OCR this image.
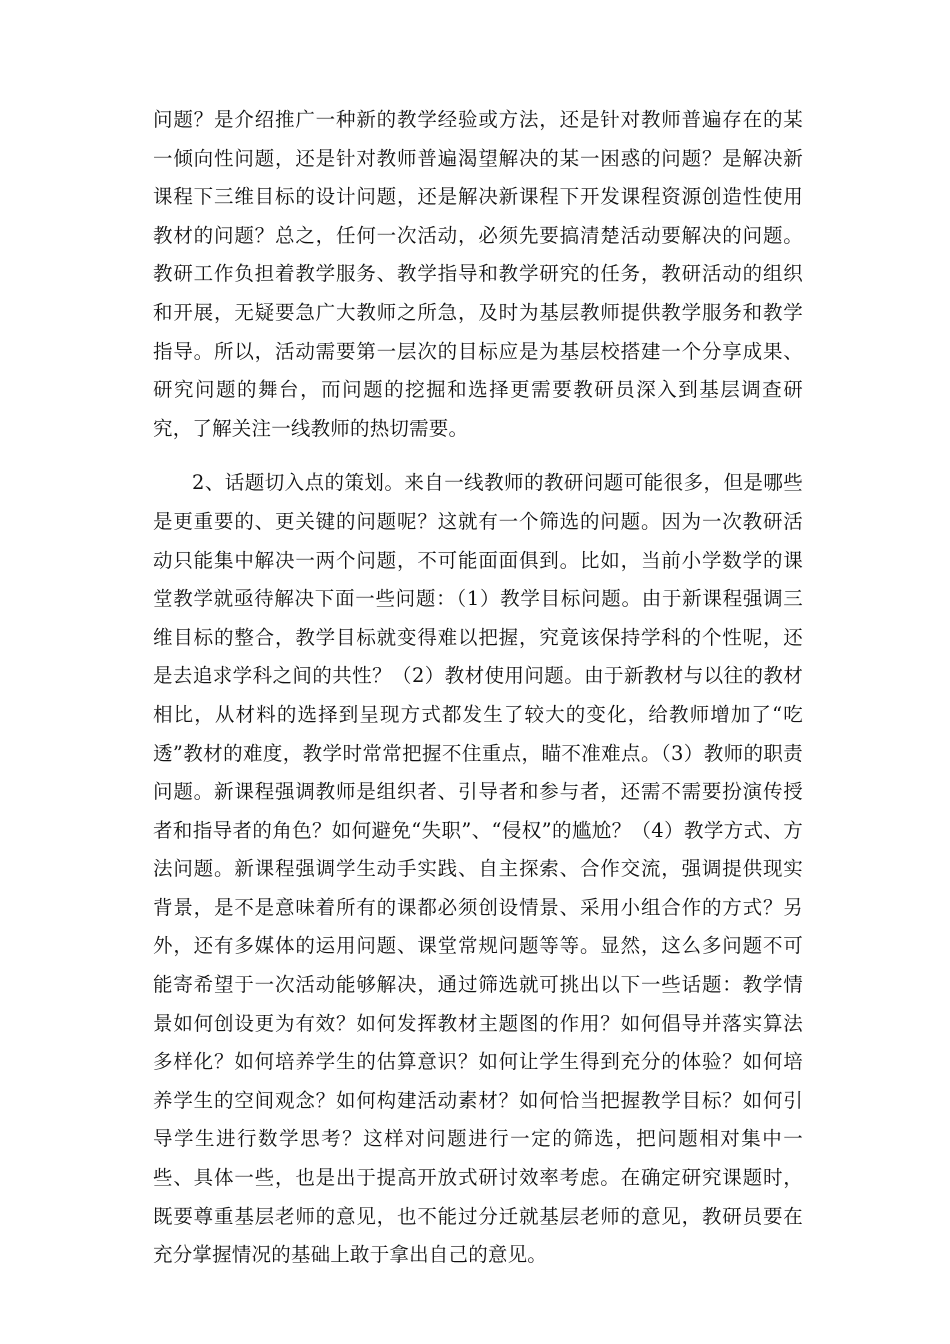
问题？是介绍推广一种新的教学经验或方法，还是针对教师普遍存在的某一倾向性问题，还是针对教师普遍渴望解决的某一困惑的问题？是解决新课程下三维目标的设计问题，还是解决新课程下开发课程资源创造性使用教材的问题？总之，任何一次活动，必须先要搞清楚活动要解决的问题。教研工作负担着教学服务、教学指导和教学研究的任务，教研活动的组织和开展，无疑要急广大教师之所急，及时为基层教师提供教学服务和教学指导。所以，活动需要第一层次的目标应是为基层校搭建一个分享成果、研究问题的舞台，而问题的挖掘和选择更需要教研员深入到基层调查研究，了解关注一线教师的热切需要。

2、话题切入点的策划。来自一线教师的教研问题可能很多，但是哪些是更重要的、更关键的问题呢？这就有一个筛选的问题。因为一次教研活动只能集中解决一两个问题，不可能面面俱到。比如，当前小学数学的课堂教学就亟待解决下面一些问题：（1）教学目标问题。由于新课程强调三维目标的整合，教学目标就变得难以把握，究竟该保持学科的个性呢，还是去追求学科之间的共性？（2）教材使用问题。由于新教材与以往的教材相比，从材料的选择到呈现方式都发生了较大的变化，给教师增加了“吃透”教材的难度，教学时常常把握不住重点，瞄不准难点。（3）教师的职责问题。新课程强调教师是组织者、引导者和参与者，还需不需要扮演传授者和指导者的角色？如何避免“失职”、“侵权”的尴尬？（4）教学方式、方法问题。新课程强调学生动手实践、自主探索、合作交流，强调提供现实背景，是不是意味着所有的课都必须创设情景、采用小组合作的方式？另外，还有多媒体的运用问题、课堂常规问题等等。显然，这么多问题不可能寄希望于一次活动能够解决，通过筛选就可挑出以下一些话题：教学情景如何创设更为有效？如何发挥教材主题图的作用？如何倡导并落实算法多样化？如何培养学生的估算意识？如何让学生得到充分的体验？如何培养学生的空间观念？如何构建活动素材？如何恰当把握教学目标？如何引导学生进行数学思考？这样对问题进行一定的筛选，把问题相对集中一些、具体一些，也是出于提高开放式研讨效率考虑。在确定研究课题时，既要尊重基层老师的意见，也不能过分迁就基层老师的意见，教研员要在充分掌握情况的基础上敢于拿出自己的意见。
